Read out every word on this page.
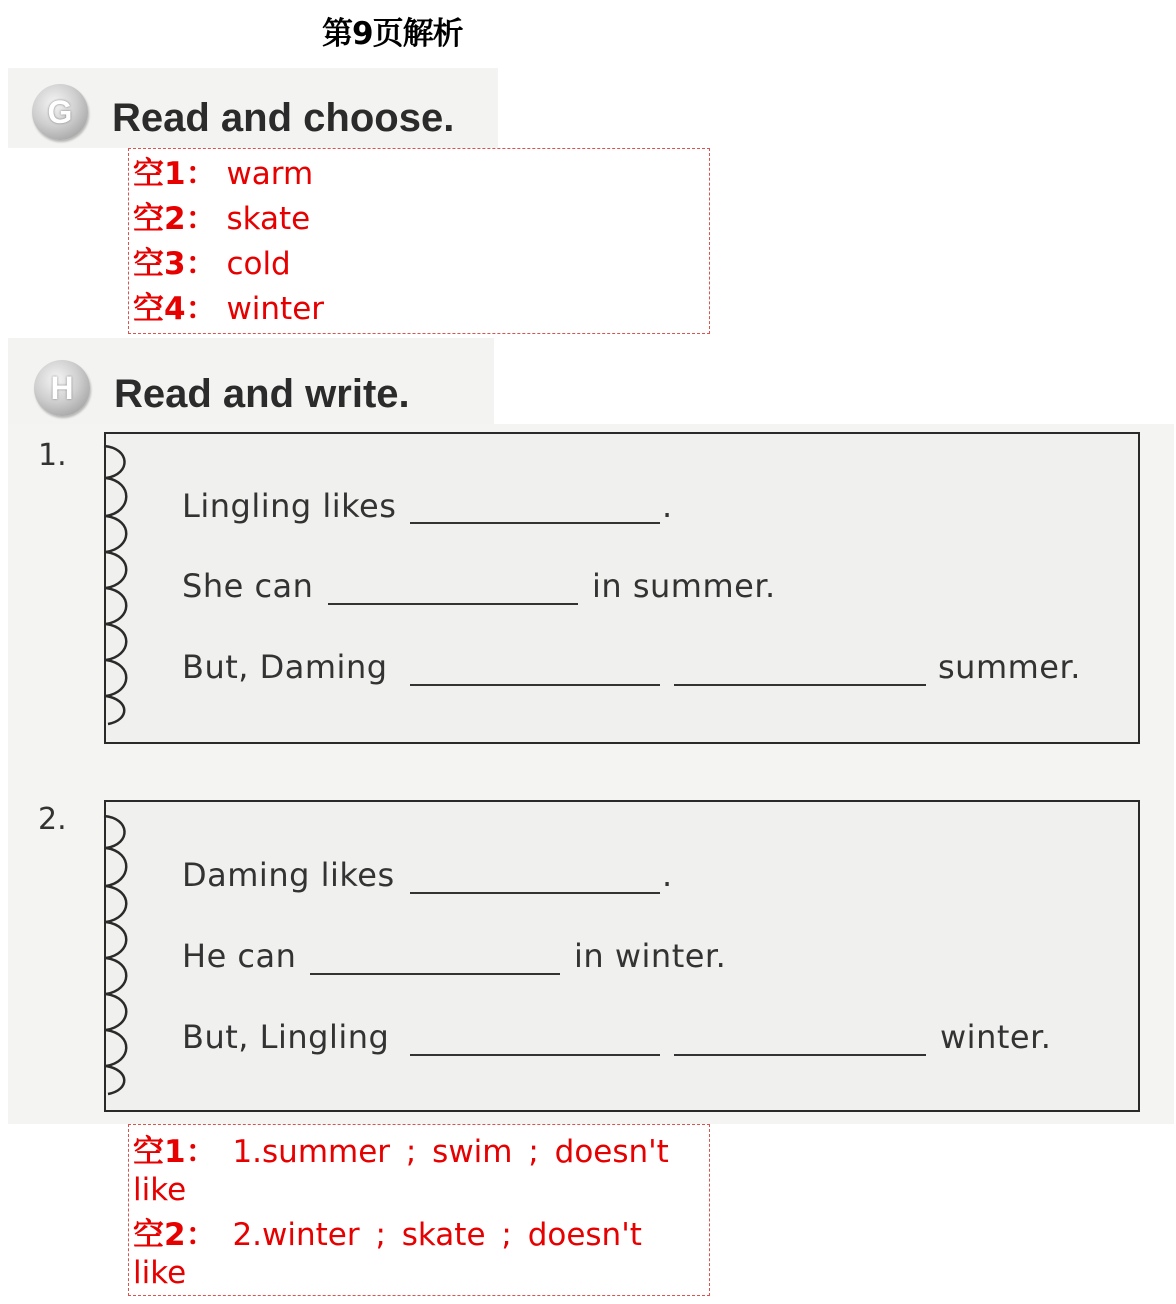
第9页解析
G Read and choose.
空1： warm
空2： skate
空3： cold
空4： winter
H	Read and write.
1.
Lingling likes	.
She can	in summer.
But, Daming	summer.
2.
Daming likes	.
He can	in winter.
But, Lingling	winter.
空1： 1.summer ; swim ; doesn't like
空2： 2.winter ; skate ; doesn't like
